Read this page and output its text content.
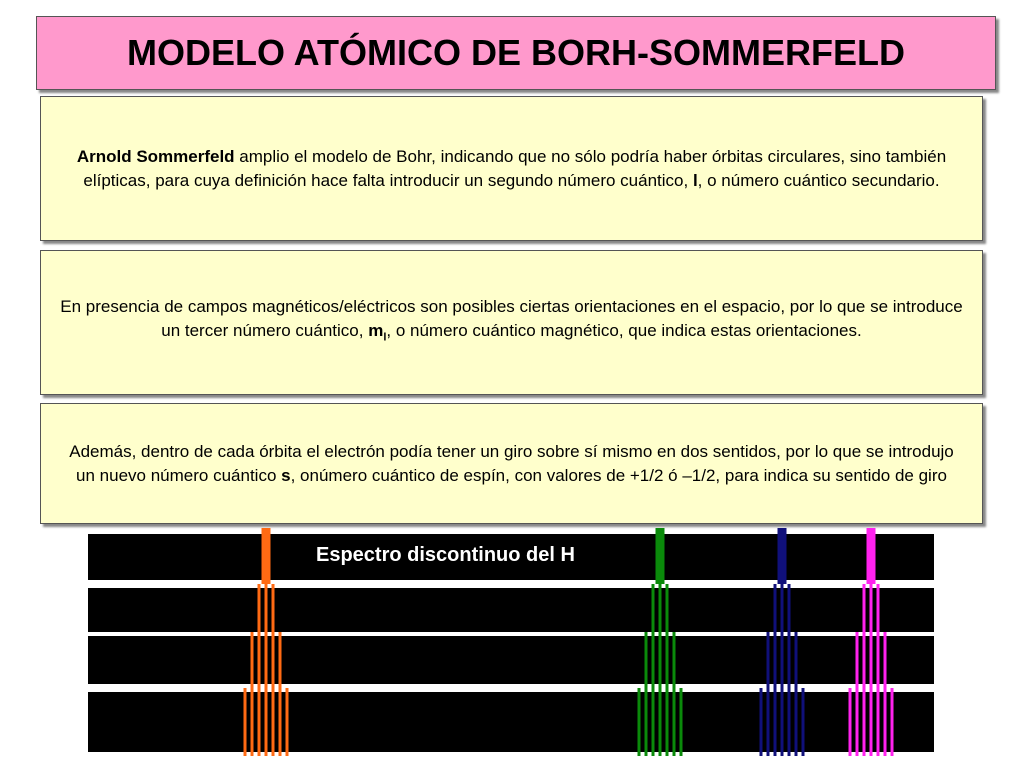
MODELO ATÓMICO DE BORH-SOMMERFELD

Arnold Sommerfeld amplio el modelo de Bohr, indicando que no sólo podría haber órbitas circulares, sino también elípticas, para cuya definición hace falta introducir un segundo número cuántico, l, o número cuántico secundario.

En presencia de campos magnéticos/eléctricos son posibles ciertas orientaciones en el espacio, por lo que se introduce un tercer número cuántico, $m_l$, o número cuántico magnético, que indica estas orientaciones.

Además, dentro de cada órbita el electrón podía tener un giro sobre sí mismo en dos sentidos, por lo que se introdujo un nuevo número cuántico s, onúmero cuántico de espín, con valores de +1/2 ó –1/2, para indica su sentido de giro

Espectro discontinuo del H
